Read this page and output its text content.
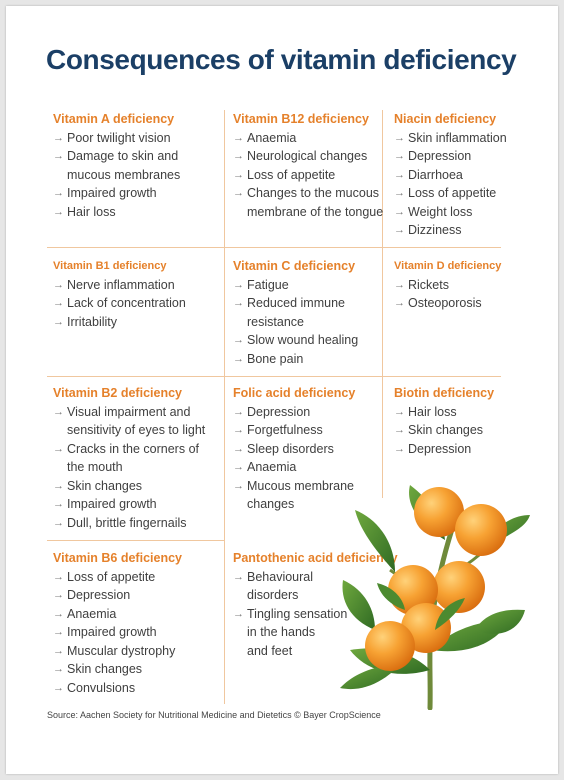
Consequences of vitamin deficiency
Vitamin A deficiency
→ Poor twilight vision
→ Damage to skin and
mucous membranes
→ Impaired growth
→ Hair loss
Vitamin B12 deficiency
→ Anaemia
→ Neurological changes
→ Loss of appetite
→ Changes to the mucous
membrane of the tongue
Niacin deficiency
→ Skin inflammation
→ Depression
→ Diarrhoea
→ Loss of appetite
→ Weight loss
→ Dizziness
Vitamin B1 deficiency
→ Nerve inflammation
→ Lack of concentration
→ Irritability
Vitamin C deficiency
→ Fatigue
→ Reduced immune
resistance
→ Slow wound healing
→ Bone pain
Vitamin D deficiency
→ Rickets
→ Osteoporosis
Vitamin B2 deficiency
→ Visual impairment and
sensitivity of eyes to light
→ Cracks in the corners of
the mouth
→ Skin changes
→ Impaired growth
→ Dull, brittle fingernails
Folic acid deficiency
→ Depression
→ Forgetfulness
→ Sleep disorders
→ Anaemia
→ Mucous membrane
changes
Biotin deficiency
→ Hair loss
→ Skin changes
→ Depression
Vitamin B6 deficiency
→ Loss of appetite
→ Depression
→ Anaemia
→ Impaired growth
→ Muscular dystrophy
→ Skin changes
→ Convulsions
Pantothenic acid deficiency
→ Behavioural
disorders
→ Tingling sensation
in the hands
and feet
Source: Aachen Society for Nutritional Medicine and Dietetics © Bayer CropScience
